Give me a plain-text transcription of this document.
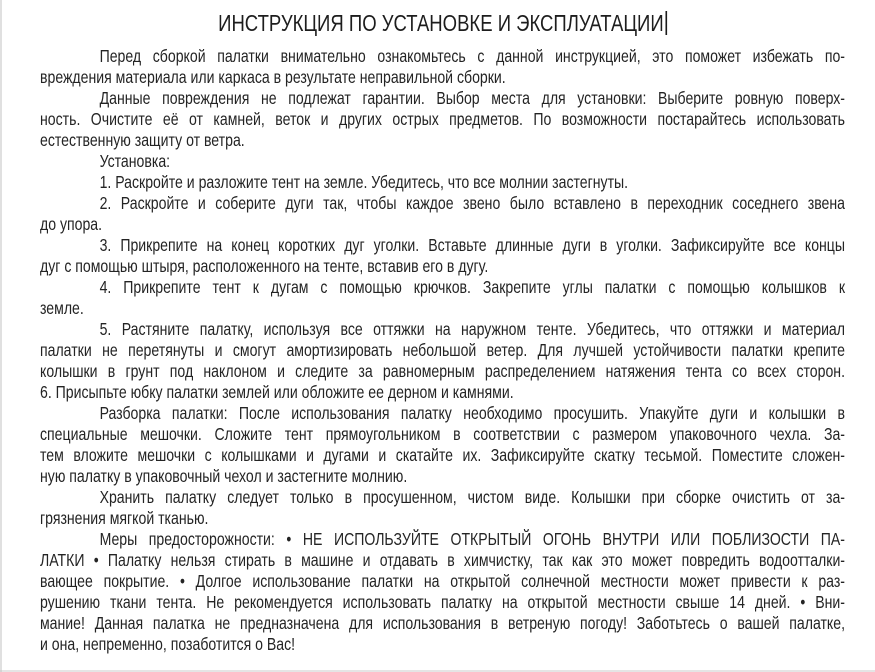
ИНСТРУКЦИЯ ПО УСТАНОВКЕ И ЭКСПЛУАТАЦИИ
Перед сборкой палатки внимательно ознакомьтесь с данной инструкцией, это поможет избежать по-
вреждения материала или каркаса в результате неправильной сборки.
Данные повреждения не подлежат гарантии. Выбор места для установки: Выберите ровную поверх-
ность. Очистите её от камней, веток и других острых предметов. По возможности постарайтесь использовать
естественную защиту от ветра.
Установка:
1. Раскройте и разложите тент на земле. Убедитесь, что все молнии застегнуты.
2. Раскройте и соберите дуги так, чтобы каждое звено было вставлено в переходник соседнего звена
до упора.
3. Прикрепите на конец коротких дуг уголки. Вставьте длинные дуги в уголки. Зафиксируйте все концы
дуг с помощью штыря, расположенного на тенте, вставив его в дугу.
4. Прикрепите тент к дугам с помощью крючков. Закрепите углы палатки с помощью колышков к
земле.
5. Растяните палатку, используя все оттяжки на наружном тенте. Убедитесь, что оттяжки и материал
палатки не перетянуты и смогут амортизировать небольшой ветер. Для лучшей устойчивости палатки крепите
колышки в грунт под наклоном и следите за равномерным распределением натяжения тента со всех сторон.
6. Присыпьте юбку палатки землей или обложите ее дерном и камнями.
Разборка палатки: После использования палатку необходимо просушить. Упакуйте дуги и колышки в
специальные мешочки. Сложите тент прямоугольником в соответствии с размером упаковочного чехла. За-
тем вложите мешочки с колышками и дугами и скатайте их. Зафиксируйте скатку тесьмой. Поместите сложен-
ную палатку в упаковочный чехол и застегните молнию.
Хранить палатку следует только в просушенном, чистом виде. Колышки при сборке очистить от за-
грязнения мягкой тканью.
Меры предосторожности: • НЕ ИСПОЛЬЗУЙТЕ ОТКРЫТЫЙ ОГОНЬ ВНУТРИ ИЛИ ПОБЛИЗОСТИ ПА-
ЛАТКИ • Палатку нельзя стирать в машине и отдавать в химчистку, так как это может повредить водоотталки-
вающее покрытие. • Долгое использование палатки на открытой солнечной местности может привести к раз-
рушению ткани тента. Не рекомендуется использовать палатку на открытой местности свыше 14 дней. • Вни-
мание! Данная палатка не предназначена для использования в ветреную погоду! Заботьтесь о вашей палатке,
и она, непременно, позаботится о Вас!
